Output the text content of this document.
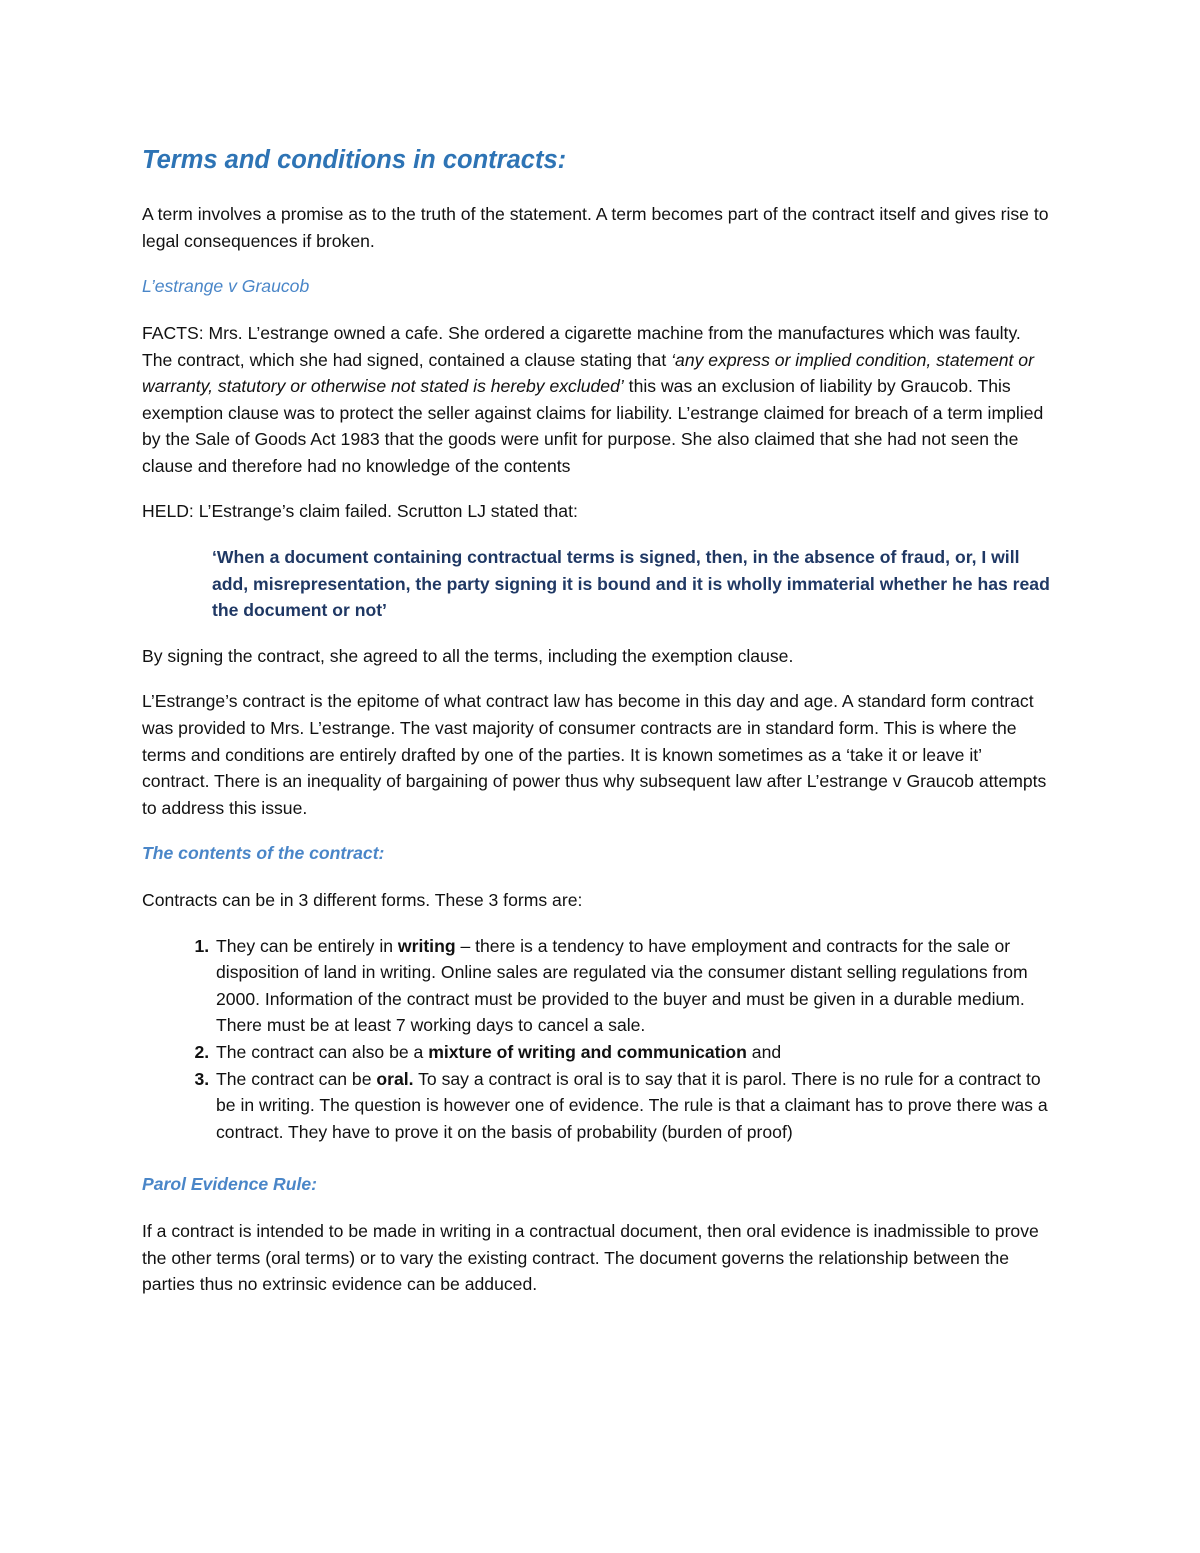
Terms and conditions in contracts:

A term involves a promise as to the truth of the statement. A term becomes part of the contract itself and gives rise to legal consequences if broken.

L’estrange v Graucob

FACTS: Mrs. L’estrange owned a cafe. She ordered a cigarette machine from the manufactures which was faulty. The contract, which she had signed, contained a clause stating that ‘any express or implied condition, statement or warranty, statutory or otherwise not stated is hereby excluded’ this was an exclusion of liability by Graucob. This exemption clause was to protect the seller against claims for liability. L’estrange claimed for breach of a term implied by the Sale of Goods Act 1983 that the goods were unfit for purpose. She also claimed that she had not seen the clause and therefore had no knowledge of the contents

HELD: L’Estrange’s claim failed. Scrutton LJ stated that:

‘When a document containing contractual terms is signed, then, in the absence of fraud, or, I will add, misrepresentation, the party signing it is bound and it is wholly immaterial whether he has read the document or not’

By signing the contract, she agreed to all the terms, including the exemption clause.

L’Estrange’s contract is the epitome of what contract law has become in this day and age. A standard form contract was provided to Mrs. L’estrange. The vast majority of consumer contracts are in standard form. This is where the terms and conditions are entirely drafted by one of the parties. It is known sometimes as a ‘take it or leave it’ contract. There is an inequality of bargaining of power thus why subsequent law after L’estrange v Graucob attempts to address this issue.

The contents of the contract:

Contracts can be in 3 different forms. These 3 forms are:

1. They can be entirely in writing – there is a tendency to have employment and contracts for the sale or disposition of land in writing. Online sales are regulated via the consumer distant selling regulations from 2000. Information of the contract must be provided to the buyer and must be given in a durable medium. There must be at least 7 working days to cancel a sale.
2. The contract can also be a mixture of writing and communication and
3. The contract can be oral. To say a contract is oral is to say that it is parol. There is no rule for a contract to be in writing. The question is however one of evidence. The rule is that a claimant has to prove there was a contract. They have to prove it on the basis of probability (burden of proof)

Parol Evidence Rule:

If a contract is intended to be made in writing in a contractual document, then oral evidence is inadmissible to prove the other terms (oral terms) or to vary the existing contract. The document governs the relationship between the parties thus no extrinsic evidence can be adduced.
